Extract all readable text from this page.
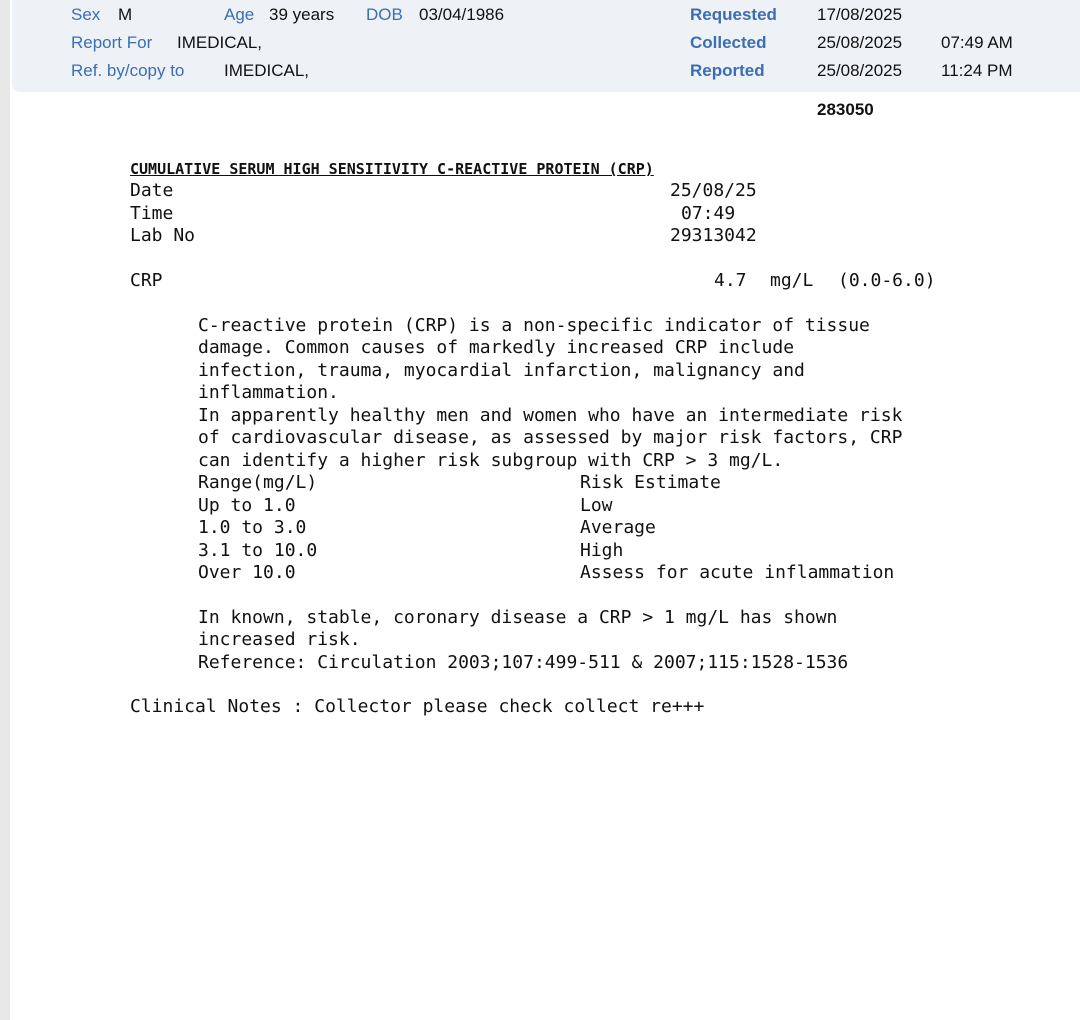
Sex M	Age 39 years DOB 03/04/1986
Report For IMEDICAL,
Ref. by/copy to IMEDICAL,
Requested 17/08/2025
Collected	25/08/2025 07:49 AM
Reported	25/08/2025 11:24 PM
283050
CUMULATIVE SERUM HIGH SENSITIVITY C-REACTIVE PROTEIN (CRP)
Date	25/08/25
Time	07:49
Lab No	29313042
CRP	4.7 mg/L (0.0-6.0)
C-reactive protein (CRP) is a non-specific indicator of tissue
damage. Common causes of markedly increased CRP include
infection, trauma, myocardial infarction, malignancy and
inflammation.
In apparently healthy men and women who have an intermediate risk
of cardiovascular disease, as assessed by major risk factors, CRP
can identify a higher risk subgroup with CRP > 3 mg/L.
Range(mg/L)	Risk Estimate
Up to 1.0	Low
1.0 to 3.0	Average
3.1 to 10.0	High
Over 10.0	Assess for acute inflammation
In known, stable, coronary disease a CRP > 1 mg/L has shown
increased risk.
Reference: Circulation 2003;107:499-511 & 2007;115:1528-1536
Clinical Notes : Collector please check collect re+++
